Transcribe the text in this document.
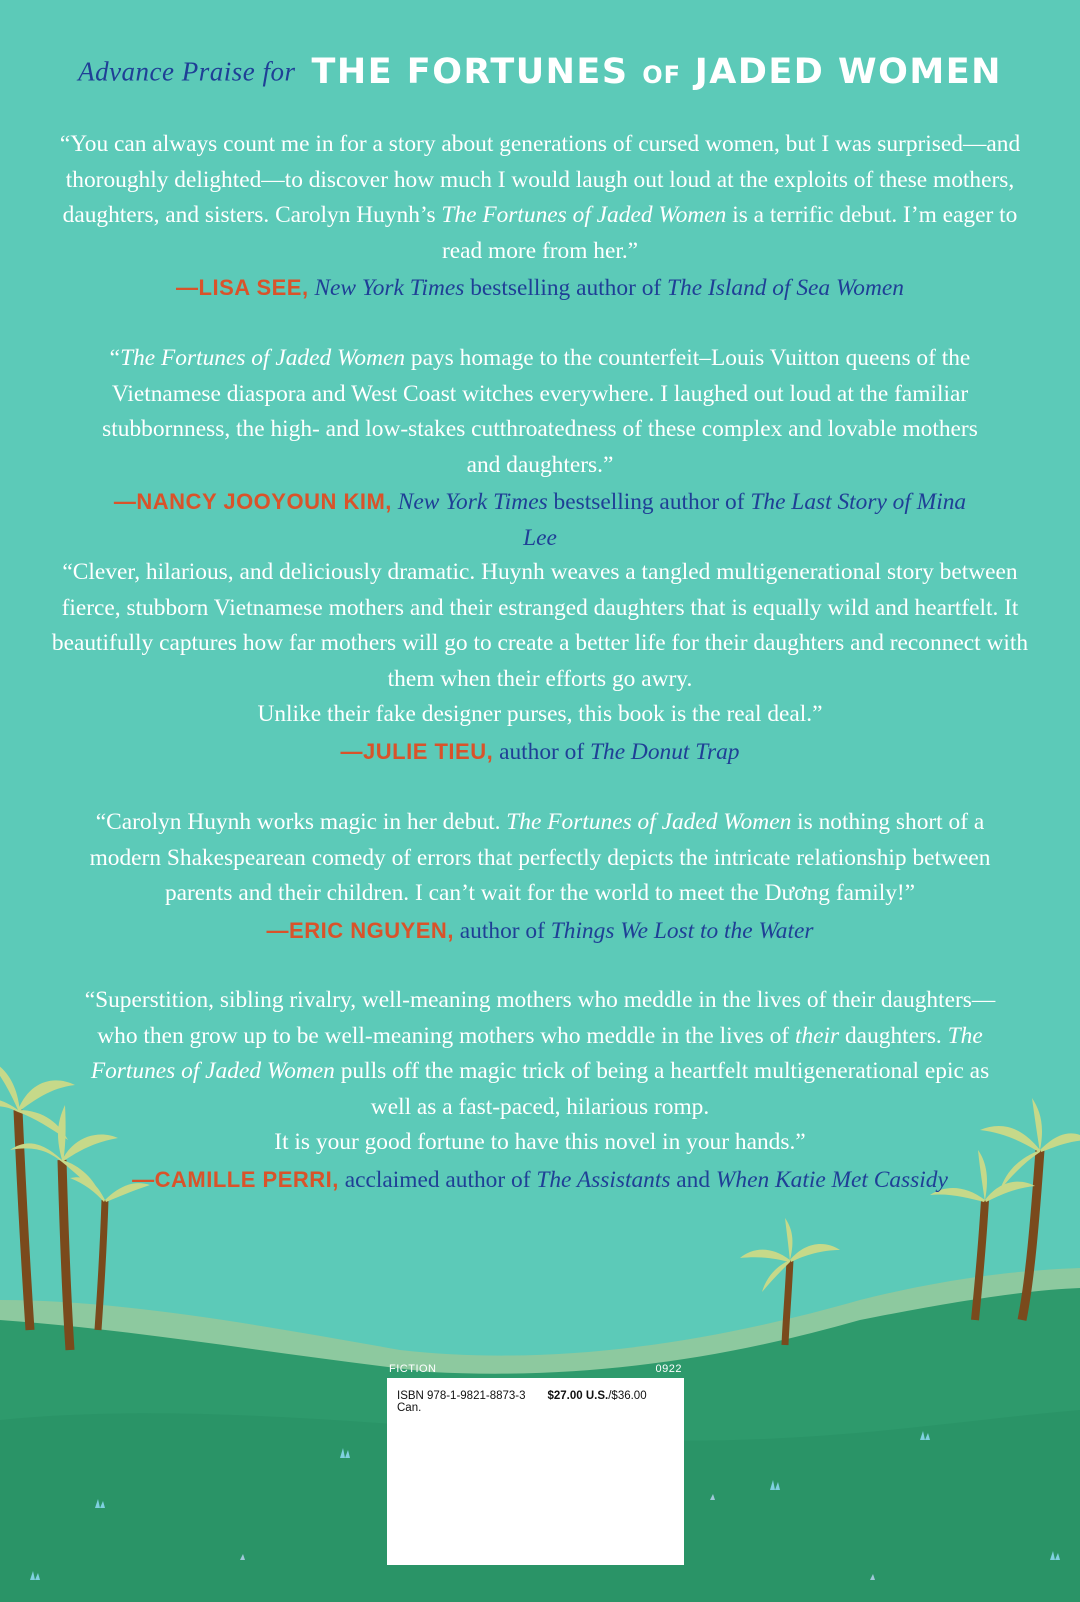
Advance Praise for THE FORTUNES OF JADED WOMEN
“You can always count me in for a story about generations of cursed women, but I was surprised—and thoroughly delighted—to discover how much I would laugh out loud at the exploits of these mothers, daughters, and sisters. Carolyn Huynh’s The Fortunes of Jaded Women is a terrific debut. I’m eager to read more from her.”
—LISA SEE, New York Times bestselling author of The Island of Sea Women
“The Fortunes of Jaded Women pays homage to the counterfeit–Louis Vuitton queens of the Vietnamese diaspora and West Coast witches everywhere. I laughed out loud at the familiar stubbornness, the high- and low-stakes cutthroatedness of these complex and lovable mothers and daughters.”
—NANCY JOOYOUN KIM, New York Times bestselling author of The Last Story of Mina Lee
“Clever, hilarious, and deliciously dramatic. Huynh weaves a tangled multigenerational story between fierce, stubborn Vietnamese mothers and their estranged daughters that is equally wild and heartfelt. It beautifully captures how far mothers will go to create a better life for their daughters and reconnect with them when their efforts go awry.
Unlike their fake designer purses, this book is the real deal.”
—JULIE TIEU, author of The Donut Trap
“Carolyn Huynh works magic in her debut. The Fortunes of Jaded Women is nothing short of a modern Shakespearean comedy of errors that perfectly depicts the intricate relationship between parents and their children. I can’t wait for the world to meet the Dương family!”
—ERIC NGUYEN, author of Things We Lost to the Water
“Superstition, sibling rivalry, well-meaning mothers who meddle in the lives of their daughters—who then grow up to be well-meaning mothers who meddle in the lives of their daughters. The Fortunes of Jaded Women pulls off the magic trick of being a heartfelt multigenerational epic as well as a fast-paced, hilarious romp.
It is your good fortune to have this novel in your hands.”
—CAMILLE PERRI, acclaimed author of The Assistants and When Katie Met Cassidy
FICTION	0922
ISBN 978-1-9821-8873-3 $27.00 U.S./$36.00 Can.
